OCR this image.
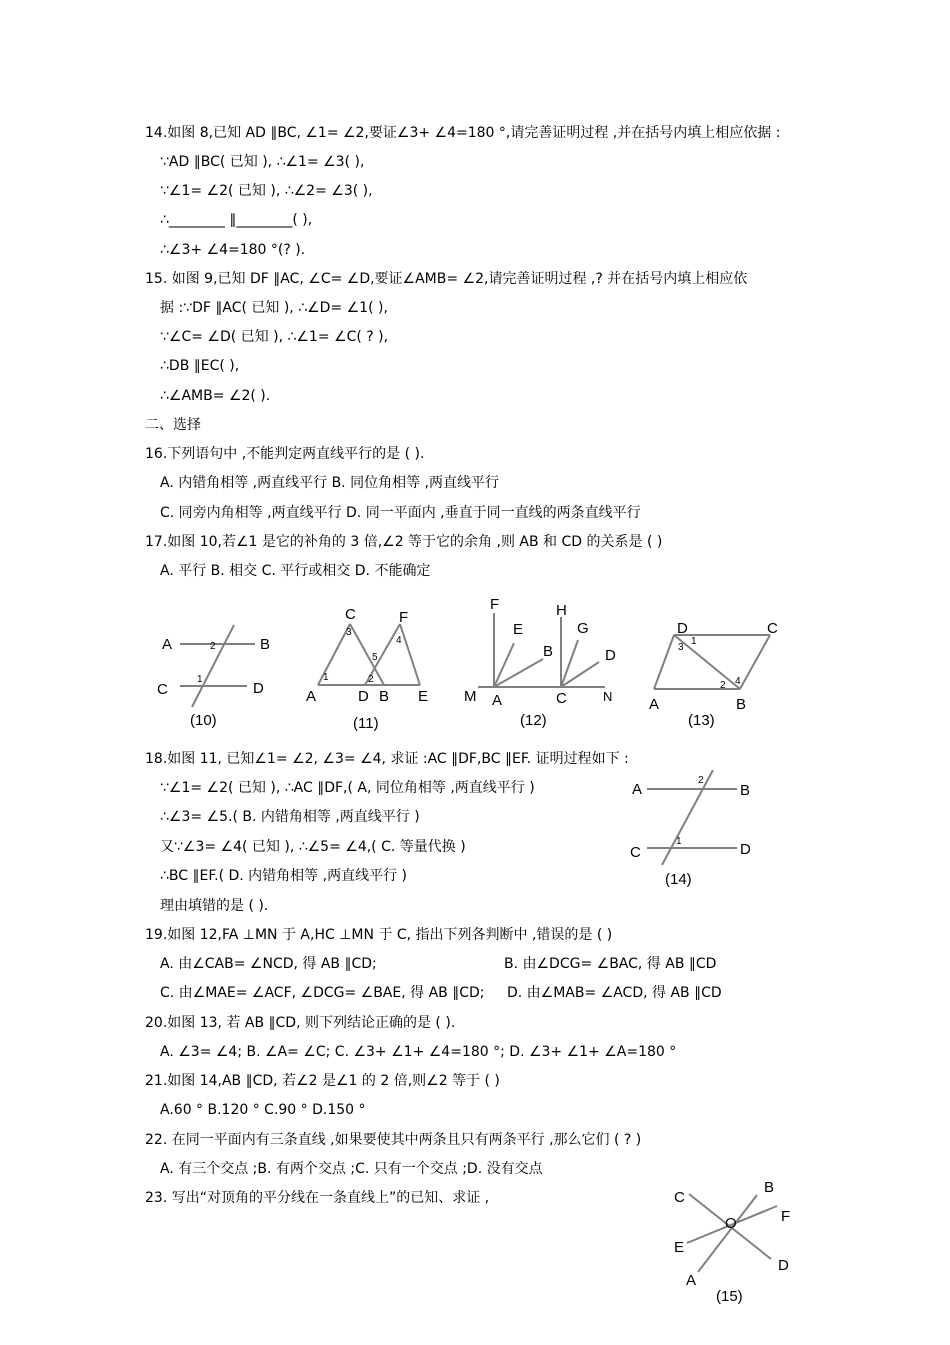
14.如图 8,已知 AD ∥BC, ∠1= ∠2,要证∠3+ ∠4=180 °,请完善证明过程 ,并在括号内填上相应依据 :
∵AD ∥BC( 已知 ), ∴∠1= ∠3( ),
∵∠1= ∠2( 已知 ), ∴∠2= ∠3( ),
∴________ ∥________( ),
∴∠3+ ∠4=180 °(? ).
15. 如图 9,已知 DF ∥AC, ∠C= ∠D,要证∠AMB= ∠2,请完善证明过程 ,? 并在括号内填上相应依
据 :∵DF ∥AC( 已知 ), ∴∠D= ∠1( ),
∵∠C= ∠D( 已知 ), ∴∠1= ∠C( ? ),
∴DB ∥EC( ),
∴∠AMB= ∠2( ).
二、选择
16.下列语句中 ,不能判定两直线平行的是 ( ).
A. 内错角相等 ,两直线平行 B. 同位角相等 ,两直线平行
C. 同旁内角相等 ,两直线平行 D. 同一平面内 ,垂直于同一直线的两条直线平行
17.如图 10,若∠1 是它的补角的 3 倍,∠2 等于它的余角 ,则 AB 和 CD 的关系是 ( )
A. 平行 B. 相交 C. 平行或相交 D. 不能确定
18.如图 11, 已知∠1= ∠2, ∠3= ∠4, 求证 :AC ∥DF,BC ∥EF. 证明过程如下 :
∵∠1= ∠2( 已知 ), ∴AC ∥DF,( A, 同位角相等 ,两直线平行 )
∴∠3= ∠5.( B. 内错角相等 ,两直线平行 )
又∵∠3= ∠4( 已知 ), ∴∠5= ∠4,( C. 等量代换 )
∴BC ∥EF.( D. 内错角相等 ,两直线平行 )
理由填错的是 ( ).
19.如图 12,FA ⊥MN 于 A,HC ⊥MN 于 C, 指出下列各判断中 ,错误的是 ( )
A. 由∠CAB= ∠NCD, 得 AB ∥CD;	B. 由∠DCG= ∠BAC, 得 AB ∥CD
C. 由∠MAE= ∠ACF, ∠DCG= ∠BAE, 得 AB ∥CD; D. 由∠MAB= ∠ACD, 得 AB ∥CD
20.如图 13, 若 AB ∥CD, 则下列结论正确的是 ( ).
A. ∠3= ∠4; B. ∠A= ∠C; C. ∠3+ ∠1+ ∠4=180 °; D. ∠3+ ∠1+ ∠A=180 °
21.如图 14,AB ∥CD, 若∠2 是∠1 的 2 倍,则∠2 等于 ( )
A.60 ° B.120 ° C.90 ° D.150 °
22. 在同一平面内有三条直线 ,如果要使其中两条且只有两条平行 ,那么它们 ( ? )
A. 有三个交点 ;B. 有两个交点 ;C. 只有一个交点 ;D. 没有交点
23. 写出“对顶角的平分线在一条直线上”的已知、求证 ,
A	B
C	D
2
1
(10)
C	F
A	D B E
3
4
5
1	2
(11)
F	H
E	G
B	D
M A	C	N
(12)
D	C
A	B
1
3
2 4
(13)
A	B
C	D
2
1
(14)
C
B
O	F
E
D
A
(15)
